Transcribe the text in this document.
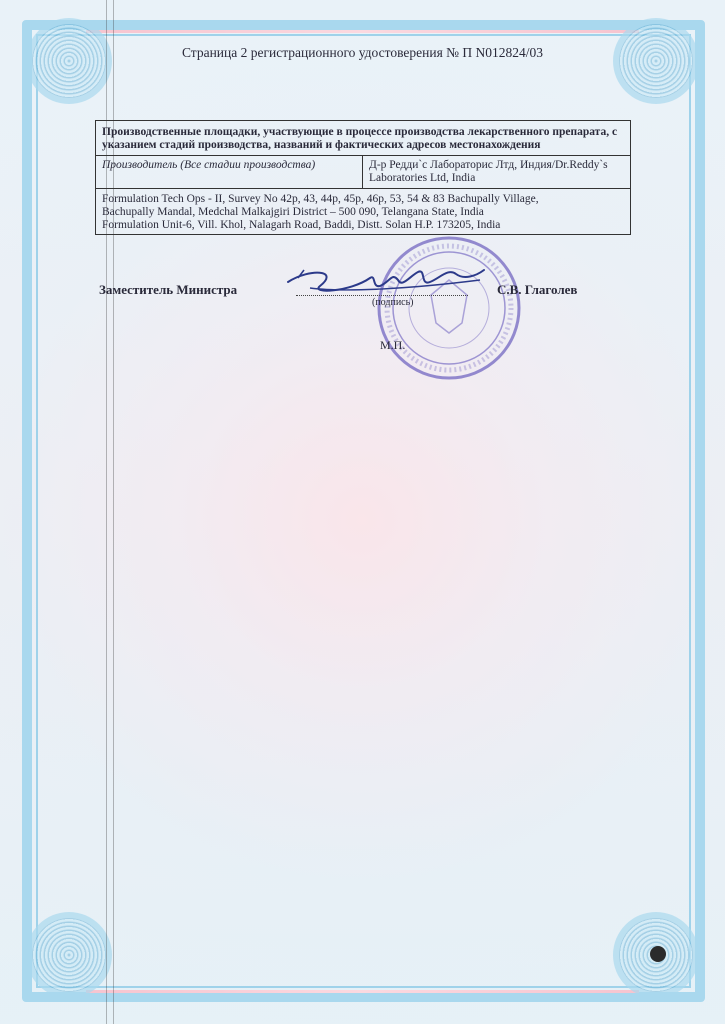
Страница 2 регистрационного удостоверения № П N012824/03
Производственные площадки, участвующие в процессе производства лекарственного препарата, с указанием стадий производства, названий и фактических адресов местонахождения
Производитель (Все стадии производства)	Д-р Редди`с Лабораторис Лтд, Индия/Dr.Reddy`s Laboratories Ltd, India
Formulation Tech Ops - II, Survey No 42p, 43, 44p, 45p, 46p, 53, 54 & 83 Bachupally Village,
Bachupally Mandal, Medchal Malkajgiri District – 500 090, Telangana State, India
Formulation Unit-6, Vill. Khol, Nalagarh Road, Baddi, Distt. Solan H.P. 173205, India
Заместитель Министра
(подпись)
С.В. Глаголев
М.П.
